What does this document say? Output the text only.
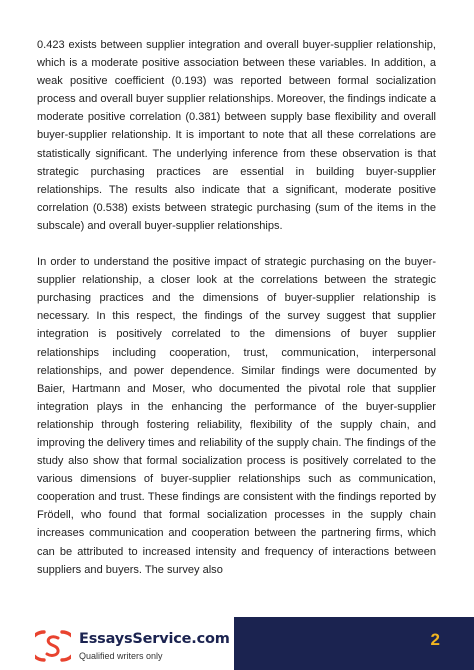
0.423 exists between supplier integration and overall buyer-supplier relationship, which is a moderate positive association between these variables. In addition, a weak positive coefficient (0.193) was reported between formal socialization process and overall buyer supplier relationships. Moreover, the findings indicate a moderate positive correlation (0.381) between supply base flexibility and overall buyer-supplier relationship. It is important to note that all these correlations are statistically significant. The underlying inference from these observation is that strategic purchasing practices are essential in building buyer-supplier relationships. The results also indicate that a significant, moderate positive correlation (0.538) exists between strategic purchasing (sum of the items in the subscale) and overall buyer-supplier relationships.

In order to understand the positive impact of strategic purchasing on the buyer-supplier relationship, a closer look at the correlations between the strategic purchasing practices and the dimensions of buyer-supplier relationship is necessary. In this respect, the findings of the survey suggest that supplier integration is positively correlated to the dimensions of buyer supplier relationships including cooperation, trust, communication, interpersonal relationships, and power dependence. Similar findings were documented by Baier, Hartmann and Moser, who documented the pivotal role that supplier integration plays in the enhancing the performance of the buyer-supplier relationship through fostering reliability, flexibility of the supply chain, and improving the delivery times and reliability of the supply chain. The findings of the study also show that formal socialization process is positively correlated to the various dimensions of buyer-supplier relationships such as communication, cooperation and trust. These findings are consistent with the findings reported by Frödell, who found that formal socialization processes in the supply chain increases communication and cooperation between the partnering firms, which can be attributed to increased intensity and frequency of interactions between suppliers and buyers. The survey also

EssaysService.com
Qualified writers only
2
